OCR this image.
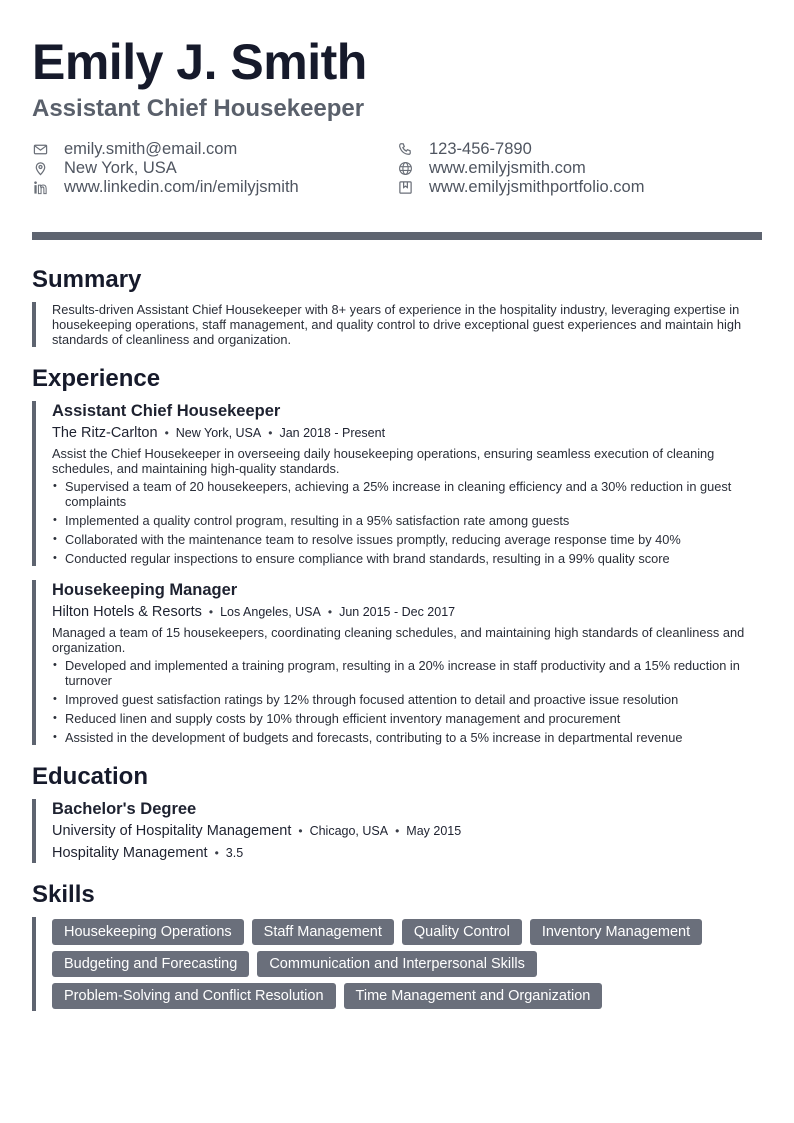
Emily J. Smith
Assistant Chief Housekeeper
emily.smith@email.com	123-456-7890
New York, USA	www.emilyjsmith.com
www.linkedin.com/in/emilyjsmith	www.emilyjsmithportfolio.com
Summary

Results-driven Assistant Chief Housekeeper with 8+ years of experience in the hospitality industry, leveraging expertise in housekeeping operations, staff management, and quality control to drive exceptional guest experiences and maintain high standards of cleanliness and organization.

Experience
Assistant Chief Housekeeper
The Ritz-Carlton • New York, USA • Jan 2018 - Present

Assist the Chief Housekeeper in overseeing daily housekeeping operations, ensuring seamless execution of cleaning schedules, and maintaining high-quality standards.

• Supervised a team of 20 housekeepers, achieving a 25% increase in cleaning efficiency and a 30% reduction in guest complaints
• Implemented a quality control program, resulting in a 95% satisfaction rate among guests
• Collaborated with the maintenance team to resolve issues promptly, reducing average response time by 40%
• Conducted regular inspections to ensure compliance with brand standards, resulting in a 99% quality score
Housekeeping Manager
Hilton Hotels & Resorts • Los Angeles, USA • Jun 2015 - Dec 2017

Managed a team of 15 housekeepers, coordinating cleaning schedules, and maintaining high standards of cleanliness and organization.

• Developed and implemented a training program, resulting in a 20% increase in staff productivity and a 15% reduction in turnover
• Improved guest satisfaction ratings by 12% through focused attention to detail and proactive issue resolution
• Reduced linen and supply costs by 10% through efficient inventory management and procurement
• Assisted in the development of budgets and forecasts, contributing to a 5% increase in departmental revenue
Education
Bachelor's Degree
University of Hospitality Management • Chicago, USA • May 2015
Hospitality Management • 3.5
Skills
Housekeeping Operations	Staff Management	Quality Control	Inventory Management
Budgeting and Forecasting	Communication and Interpersonal Skills
Problem-Solving and Conflict Resolution	Time Management and Organization
